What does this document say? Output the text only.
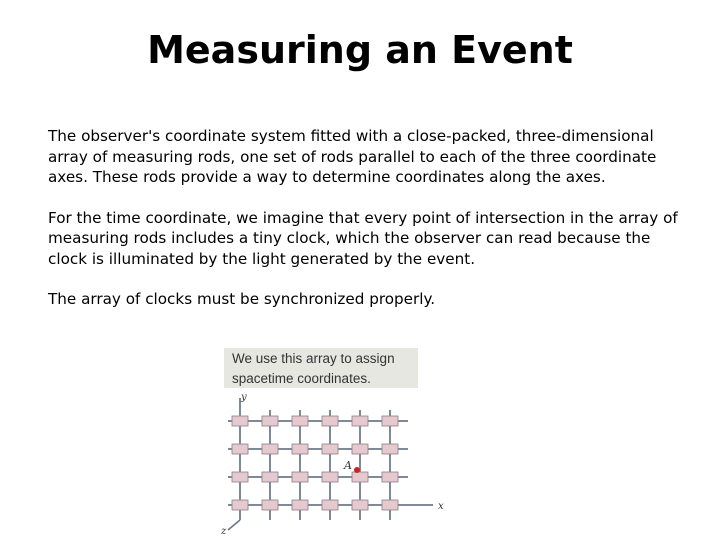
Measuring an Event

The observer's coordinate system fitted with a close-packed, three-dimensional array of measuring rods, one set of rods parallel to each of the three coordinate axes. These rods provide a way to determine coordinates along the axes.

For the time coordinate, we imagine that every point of intersection in the array of measuring rods includes a tiny clock, which the observer can read because the clock is illuminated by the light generated by the event.

The array of clocks must be synchronized properly.

We use this array to assign
spacetime coordinates.
y
x
z
A
